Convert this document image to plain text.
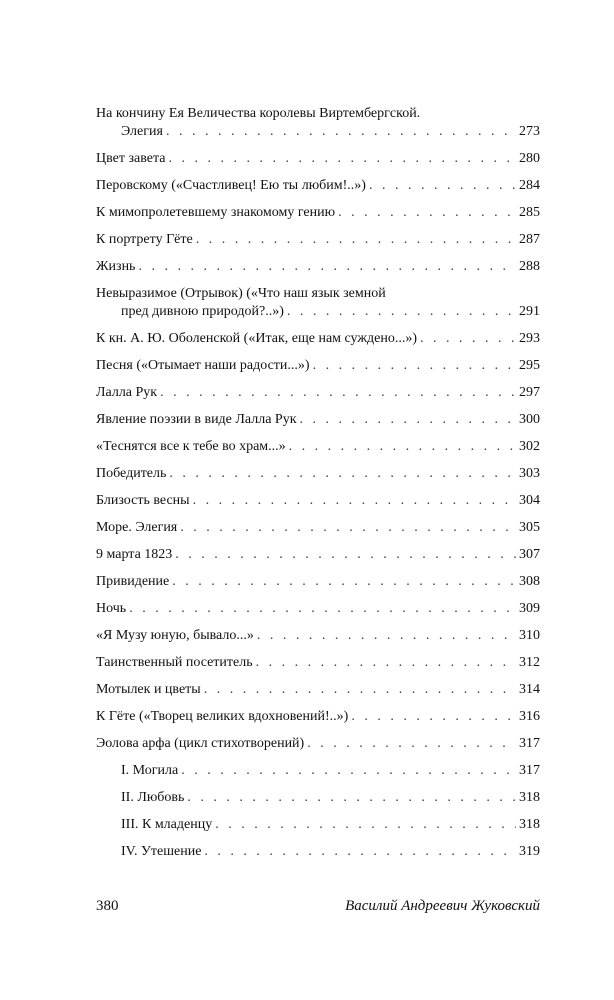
На кончину Ея Величества королевы Виртембергской.
Элегия . . .	273
Цвет завета . . .	280
Перовскому («Счастливец! Ею ты любим!..») . . .	284
К мимопролетевшему знакомому гению . . .	285
К портрету Гёте . . .	287
Жизнь . . .	288
Невыразимое (Отрывок) («Что наш язык земной
пред дивною природой?..») . . .	291
К кн. А. Ю. Оболенской («Итак, еще нам суждено...») . . .	293
Песня («Отымает наши радости...») . . .	295
Лалла Рук . . .	297
Явление поэзии в виде Лалла Рук . . .	300
«Теснятся все к тебе во храм...» . . .	302
Победитель . . .	303
Близость весны . . .	304
Море. Элегия . . .	305
9 марта 1823 . . .	307
Привидение . . .	308
Ночь . . .	309
«Я Музу юную, бывало...» . . .	310
Таинственный посетитель . . .	312
Мотылек и цветы . . .	314
К Гёте («Творец великих вдохновений!..») . . .	316
Эолова арфа (цикл стихотворений) . . .	317
I. Могила . . .	317
II. Любовь . . .	318
III. К младенцу . . .	318
IV. Утешение . . .	319
380	Василий Андреевич Жуковский
